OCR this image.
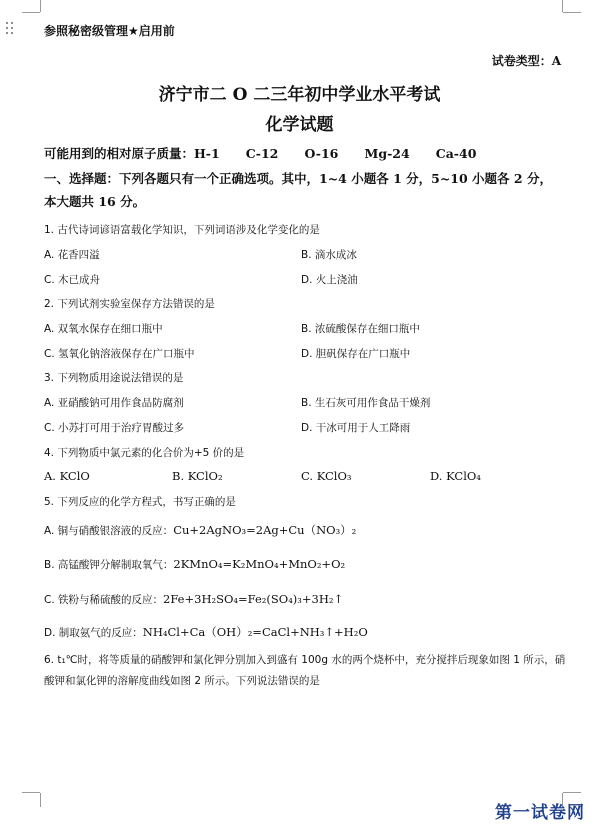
参照秘密级管理★启用前
试卷类型：A
济宁市二 O 二三年初中学业水平考试
化学试题
可能用到的相对原子质量：H-1      C-12      O-16      Mg-24      Ca-40
一、选择题：下列各题只有一个正确选项。其中，1~4 小题各 1 分，5~10 小题各 2 分，本大题共 16 分。
1. 古代诗词谚语富载化学知识，下列词语涉及化学变化的是
A. 花香四溢	B. 滴水成冰
C. 木已成舟	D. 火上浇油
2. 下列试剂实验室保存方法错误的是
A. 双氧水保存在细口瓶中	B. 浓硫酸保存在细口瓶中
C. 氢氧化钠溶液保存在广口瓶中	D. 胆矾保存在广口瓶中
3. 下列物质用途说法错误的是
A. 亚硝酸钠可用作食品防腐剂	B. 生石灰可用作食品干燥剂
C. 小苏打可用于治疗胃酸过多	D. 干冰可用于人工降雨
4. 下列物质中氯元素的化合价为+5 价的是
A. KClO	B. KClO₂	C. KClO₃	D. KClO₄
5. 下列反应的化学方程式，书写正确的是
A. 铜与硝酸银溶液的反应：Cu+2AgNO₃=2Ag+Cu（NO₃）₂
B. 高锰酸钾分解制取氧气：2KMnO₄=K₂MnO₄+MnO₂+O₂
C. 铁粉与稀硫酸的反应：2Fe+3H₂SO₄=Fe₂(SO₄)₃+3H₂↑
D. 制取氨气的反应：NH₄Cl+Ca（OH）₂=CaCl+NH₃↑+H₂O
6. t₁℃时，将等质量的硝酸钾和氯化钾分别加入到盛有 100g 水的两个烧杯中，充分搅拌后现象如图 1 所示，硝酸钾和氯化钾的溶解度曲线如图 2 所示。下列说法错误的是
第一试卷网
